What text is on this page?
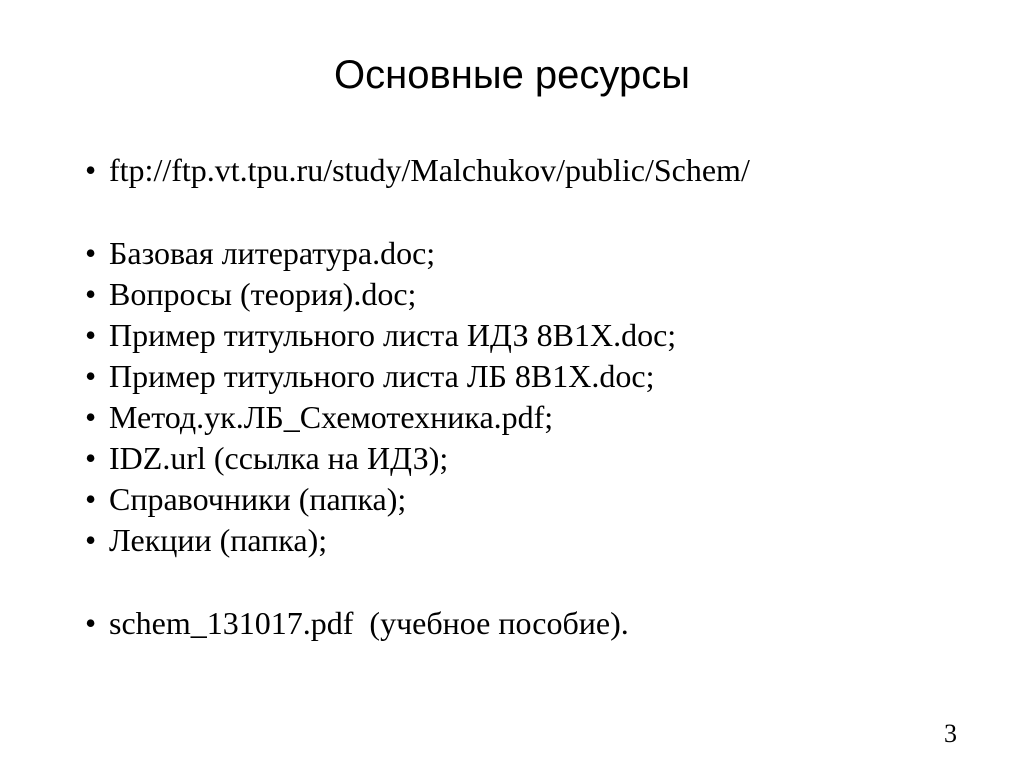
Основные ресурсы
• ftp://ftp.vt.tpu.ru/study/Malchukov/public/Schem/
• Базовая литература.doc;
• Вопросы (теория).doc;
• Пример титульного листа ИДЗ 8В1X.doc;
• Пример титульного листа ЛБ 8В1X.doc;
• Метод.ук.ЛБ_Схемотехника.pdf;
• IDZ.url (ссылка на ИДЗ);
• Справочники (папка);
• Лекции (папка);
• schem_131017.pdf  (учебное пособие).
3
